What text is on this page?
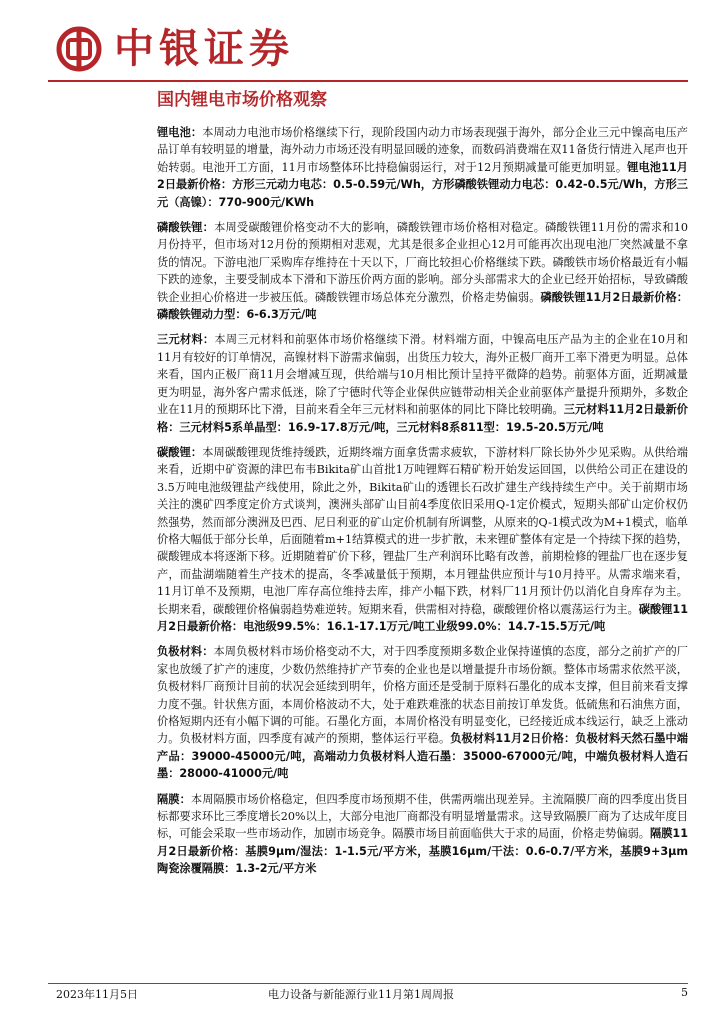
中银证券
国内锂电市场价格观察

锂电池：本周动力电池市场价格继续下行，现阶段国内动力市场表现强于海外，部分企业三元中镍高电压产品订单有较明显的增量，海外动力市场还没有明显回暖的迹象，而数码消费端在双11备货行情进入尾声也开始转弱。电池开工方面，11月市场整体环比持稳偏弱运行，对于12月预期减量可能更加明显。锂电池11月2日最新价格：方形三元动力电芯：0.5-0.59元/Wh，方形磷酸铁锂动力电芯：0.42-0.5元/Wh，方形三元（高镍）：770-900元/KWh

磷酸铁锂：本周受碳酸锂价格变动不大的影响，磷酸铁锂市场价格相对稳定。磷酸铁锂11月份的需求和10月份持平，但市场对12月份的预期相对悲观，尤其是很多企业担心12月可能再次出现电池厂突然减量不拿货的情况。下游电池厂采购库存维持在十天以下，厂商比较担心价格继续下跌。磷酸铁市场价格最近有小幅下跌的迹象，主要受制成本下滑和下游压价两方面的影响。部分头部需求大的企业已经开始招标，导致磷酸铁企业担心价格进一步被压低。磷酸铁锂市场总体充分激烈，价格走势偏弱。磷酸铁锂11月2日最新价格：磷酸铁锂动力型：6-6.3万元/吨

三元材料：本周三元材料和前驱体市场价格继续下滑。材料端方面，中镍高电压产品为主的企业在10月和11月有较好的订单情况，高镍材料下游需求偏弱，出货压力较大，海外正极厂商开工率下滑更为明显。总体来看，国内正极厂商11月会增减互现，供给端与10月相比预计呈持平微降的趋势。前驱体方面，近期减量更为明显，海外客户需求低迷，除了宁德时代等企业保供应链带动相关企业前驱体产量提升预期外，多数企业在11月的预期环比下滑，目前来看全年三元材料和前驱体的同比下降比较明确。三元材料11月2日最新价格：三元材料5系单晶型：16.9-17.8万元/吨，三元材料8系811型：19.5-20.5万元/吨

碳酸锂：本周碳酸锂现货维持缓跌，近期终端方面拿货需求疲软，下游材料厂除长协外少见采购。从供给端来看，近期中矿资源的津巴布韦Bikita矿山首批1万吨锂辉石精矿粉开始发运回国，以供给公司正在建设的3.5万吨电池级锂盐产线使用，除此之外，Bikita矿山的透锂长石改扩建生产线持续生产中。关于前期市场关注的澳矿四季度定价方式谈判，澳洲头部矿山目前4季度依旧采用Q-1定价模式，短期头部矿山定价权仍然强势，然而部分澳洲及巴西、尼日利亚的矿山定价机制有所调整，从原来的Q-1模式改为M+1模式，临单价格大幅低于部分长单，后面随着m+1结算模式的进一步扩散，未来锂矿整体有定是一个持续下探的趋势，碳酸锂成本将逐渐下移。近期随着矿价下移，锂盐厂生产利润环比略有改善，前期检修的锂盐厂也在逐步复产，而盐湖端随着生产技术的提高，冬季减量低于预期，本月锂盐供应预计与10月持平。从需求端来看，11月订单不及预期，电池厂库存高位维持去库，排产小幅下跌，材料厂11月预计仍以消化自身库存为主。长期来看，碳酸锂价格偏弱趋势难逆转。短期来看，供需相对持稳，碳酸锂价格以震荡运行为主。碳酸锂11月2日最新价格：电池级99.5%：16.1-17.1万元/吨工业级99.0%：14.7-15.5万元/吨

负极材料：本周负极材料市场价格变动不大，对于四季度预期多数企业保持谨慎的态度，部分之前扩产的厂家也放缓了扩产的速度，少数仍然维持扩产节奏的企业也是以增量提升市场份额。整体市场需求依然平淡，负极材料厂商预计目前的状况会延续到明年，价格方面还是受制于原料石墨化的成本支撑，但目前来看支撑力度不强。针状焦方面，本周价格波动不大，处于难跌难涨的状态目前按订单发货。低硫焦和石油焦方面，价格短期内还有小幅下调的可能。石墨化方面，本周价格没有明显变化，已经接近成本线运行，缺乏上涨动力。负极材料方面，四季度有减产的预期，整体运行平稳。负极材料11月2日价格：负极材料天然石墨中端产品：39000-45000元/吨，高端动力负极材料人造石墨：35000-67000元/吨，中端负极材料人造石墨：28000-41000元/吨

隔膜：本周隔膜市场价格稳定，但四季度市场预期不佳，供需两端出现差异。主流隔膜厂商的四季度出货目标都要求环比三季度增长20%以上，大部分电池厂商都没有明显增量需求。这导致隔膜厂商为了达成年度目标，可能会采取一些市场动作，加剧市场竞争。隔膜市场目前面临供大于求的局面，价格走势偏弱。隔膜11月2日最新价格：基膜9μm/湿法：1-1.5元/平方米，基膜16μm/干法：0.6-0.7/平方米，基膜9+3μm陶瓷涂覆隔膜：1.3-2元/平方米

2023年11月5日	电力设备与新能源行业11月第1周周报	5
